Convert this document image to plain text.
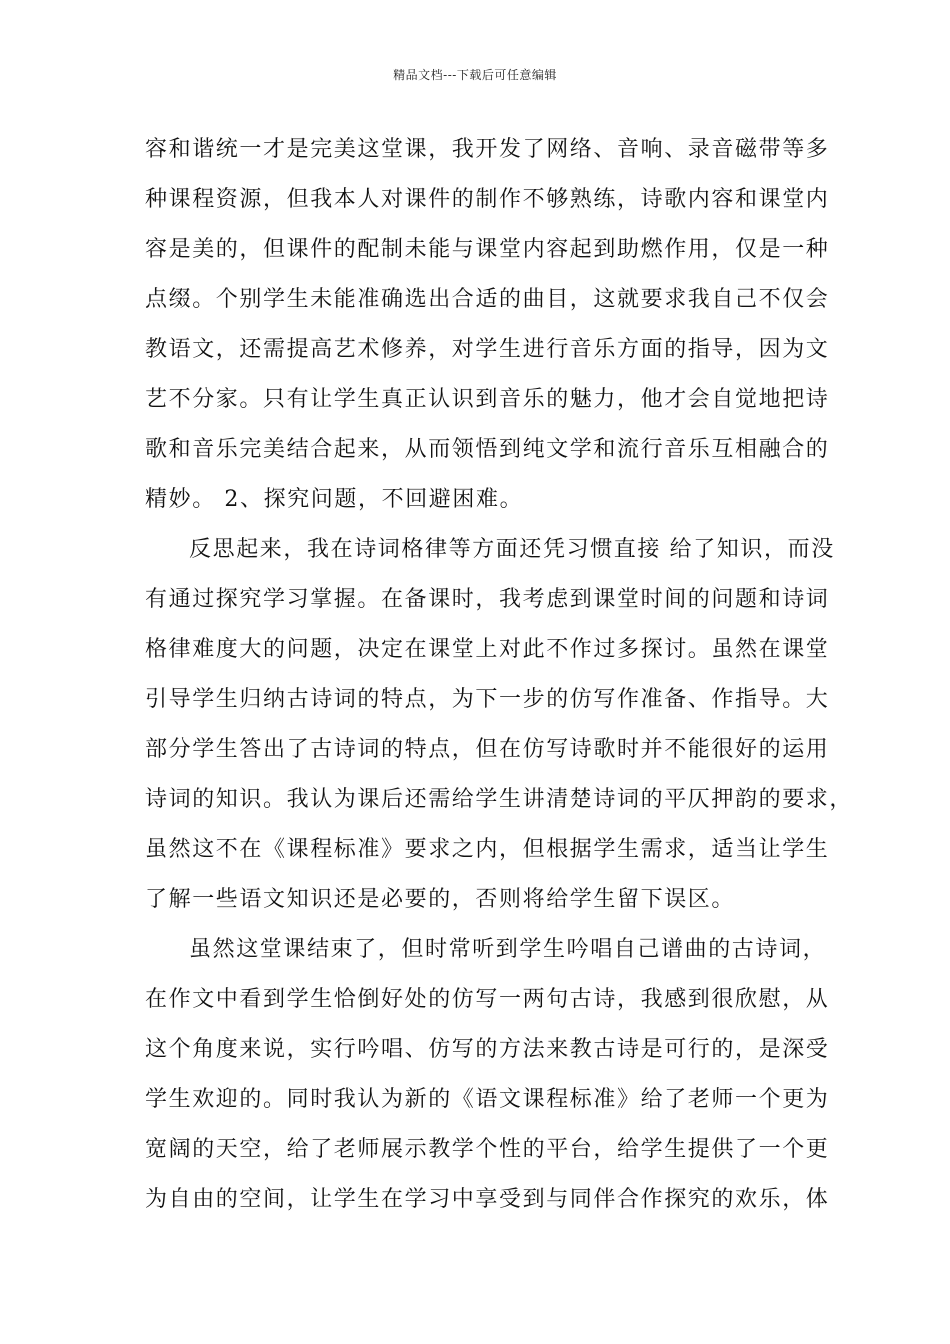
精品文档---下载后可任意编辑
容和谐统一才是完美这堂课，我开发了网络、音响、录音磁带等多
种课程资源，但我本人对课件的制作不够熟练，诗歌内容和课堂内
容是美的，但课件的配制未能与课堂内容起到助燃作用，仅是一种
点缀。个别学生未能准确选出合适的曲目，这就要求我自己不仅会
教语文，还需提高艺术修养，对学生进行音乐方面的指导，因为文
艺不分家。只有让学生真正认识到音乐的魅力，他才会自觉地把诗
歌和音乐完美结合起来，从而领悟到纯文学和流行音乐互相融合的
精妙。 2、探究问题，不回避困难。
反思起来，我在诗词格律等方面还凭习惯直接 给了知识，而没
有通过探究学习掌握。在备课时，我考虑到课堂时间的问题和诗词
格律难度大的问题，决定在课堂上对此不作过多探讨。虽然在课堂
引导学生归纳古诗词的特点，为下一步的仿写作准备、作指导。大
部分学生答出了古诗词的特点，但在仿写诗歌时并不能很好的运用
诗词的知识。我认为课后还需给学生讲清楚诗词的平仄押韵的要求，
虽然这不在《课程标准》要求之内，但根据学生需求，适当让学生
了解一些语文知识还是必要的，否则将给学生留下误区。
虽然这堂课结束了，但时常听到学生吟唱自己谱曲的古诗词，
在作文中看到学生恰倒好处的仿写一两句古诗，我感到很欣慰，从
这个角度来说，实行吟唱、仿写的方法来教古诗是可行的，是深受
学生欢迎的。同时我认为新的《语文课程标准》给了老师一个更为
宽阔的天空，给了老师展示教学个性的平台，给学生提供了一个更
为自由的空间，让学生在学习中享受到与同伴合作探究的欢乐，体
